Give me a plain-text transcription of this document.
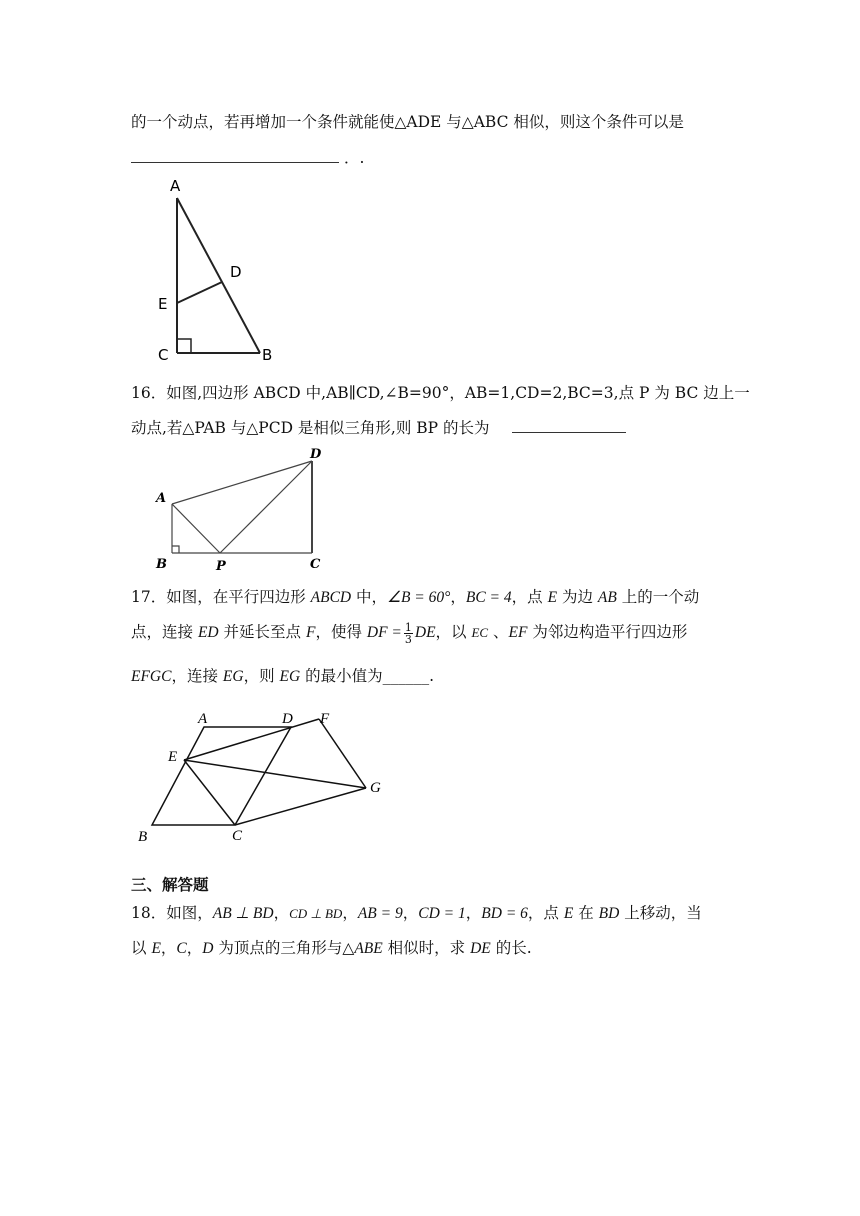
的一个动点，若再增加一个条件就能使△ADE 与△ABC 相似，则这个条件可以是
．.
A
D
E
C	B
16．如图,四边形 ABCD 中,AB∥CD,∠B=90°，AB=1,CD=2,BC=3,点 P 为 BC 边上一
动点,若△PAB 与△PCD 是相似三角形,则 BP 的长为
A
D
B	P	C
17．如图，在平行四边形 ABCD 中，∠B = 60°，BC = 4，点 E 为边 AB 上的一个动
点，连接 ED 并延长至点 F，使得 DF = $\frac{1}{3}$ DE，以 EC 、EF 为邻边构造平行四边形
EFGC，连接 EG，则 EG 的最小值为______.
A	D F
E
G
B	C
三、解答题
18．如图，AB ⊥ BD，CD ⊥ BD，AB = 9，CD = 1，BD = 6，点 E 在 BD 上移动，当
以 E，C，D 为顶点的三角形与△ABE 相似时，求 DE 的长.
